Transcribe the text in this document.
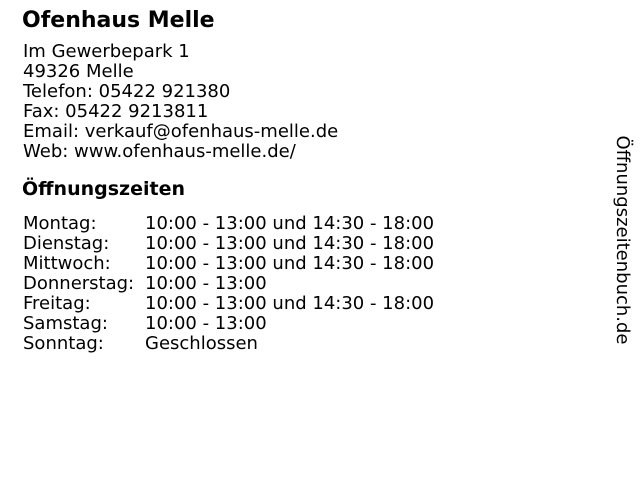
Ofenhaus Melle
Im Gewerbepark 1
49326 Melle
Telefon: 05422 921380
Fax: 05422 9213811
Email: verkauf@ofenhaus-melle.de
Web: www.ofenhaus-melle.de/
Öffnungszeiten
Montag:	10:00 - 13:00 und 14:30 - 18:00
Dienstag:	10:00 - 13:00 und 14:30 - 18:00
Mittwoch:	10:00 - 13:00 und 14:30 - 18:00
Donnerstag:	10:00 - 13:00
Freitag:	10:00 - 13:00 und 14:30 - 18:00
Samstag:	10:00 - 13:00
Sonntag:	Geschlossen	Öffnungszeitenbuch.de
